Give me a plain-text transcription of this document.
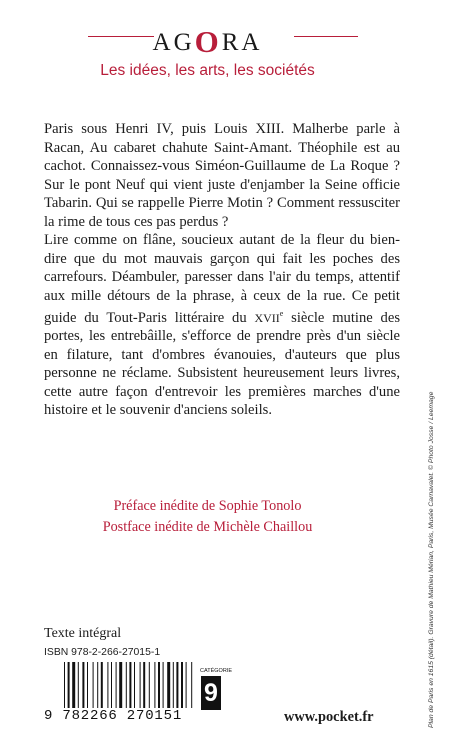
AGORA
Les idées, les arts, les sociétés

Paris sous Henri IV, puis Louis XIII. Malherbe parle à Racan, Au cabaret chahute Saint-Amant. Théophile est au cachot. Connaissez-vous Siméon-Guillaume de La Roque ? Sur le pont Neuf qui vient juste d'enjamber la Seine officie Tabarin. Qui se rappelle Pierre Motin ? Comment ressusciter la rime de tous ces pas perdus ?

Lire comme on flâne, soucieux autant de la fleur du bien-dire que du mot mauvais garçon qui fait les poches des carrefours. Déambuler, paresser dans l'air du temps, attentif aux mille détours de la phrase, à ceux de la rue. Ce petit guide du Tout-Paris littéraire du XVIIe siècle mutine des portes, les entrebâille, s'efforce de prendre près d'un siècle en filature, tant d'ombres évanouies, d'auteurs que plus personne ne réclame. Subsistent heureusement leurs livres, cette autre façon d'entrevoir les premières marches d'une histoire et le souvenir d'anciens soleils.

Préface inédite de Sophie Tonolo
Postface inédite de Michèle Chaillou
Texte intégral
ISBN 978-2-266-27015-1
9 782266 270151
CATÉGORIE
9
www.pocket.fr	Plan de Paris en 1615 (détail). Gravure de Mathieu Mérian, Paris, Musée Carnavalet. © Photo Josse / Leemage
